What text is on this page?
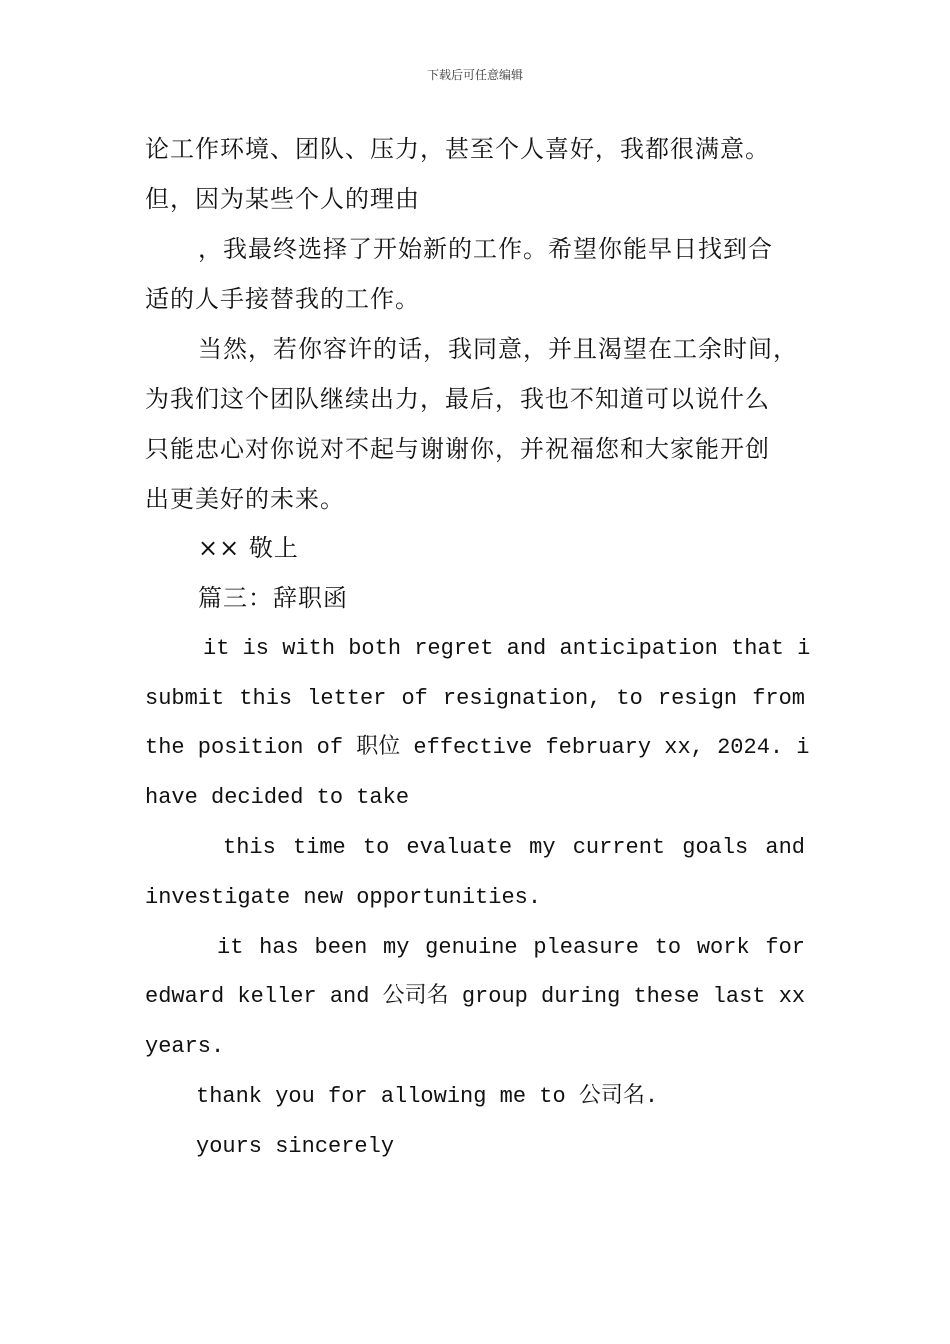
下载后可任意编辑
论工作环境、团队、压力，甚至个人喜好，我都很满意。
但，因为某些个人的理由
，我最终选择了开始新的工作。希望你能早日找到合
适的人手接替我的工作。
当然，若你容许的话，我同意，并且渴望在工余时间，
为我们这个团队继续出力，最后，我也不知道可以说什么
只能忠心对你说对不起与谢谢你，并祝福您和大家能开创
出更美好的未来。
×× 敬上
篇三：辞职函
it is with both regret and anticipation that i
submit this letter of resignation, to resign from
the position of 职位 effective february xx, 2024. i
have decided to take
this time to evaluate my current goals and
investigate new opportunities.
it has been my genuine pleasure to work for
edward keller and 公司名 group during these last xx
years.
thank you for allowing me to 公司名.
yours sincerely
